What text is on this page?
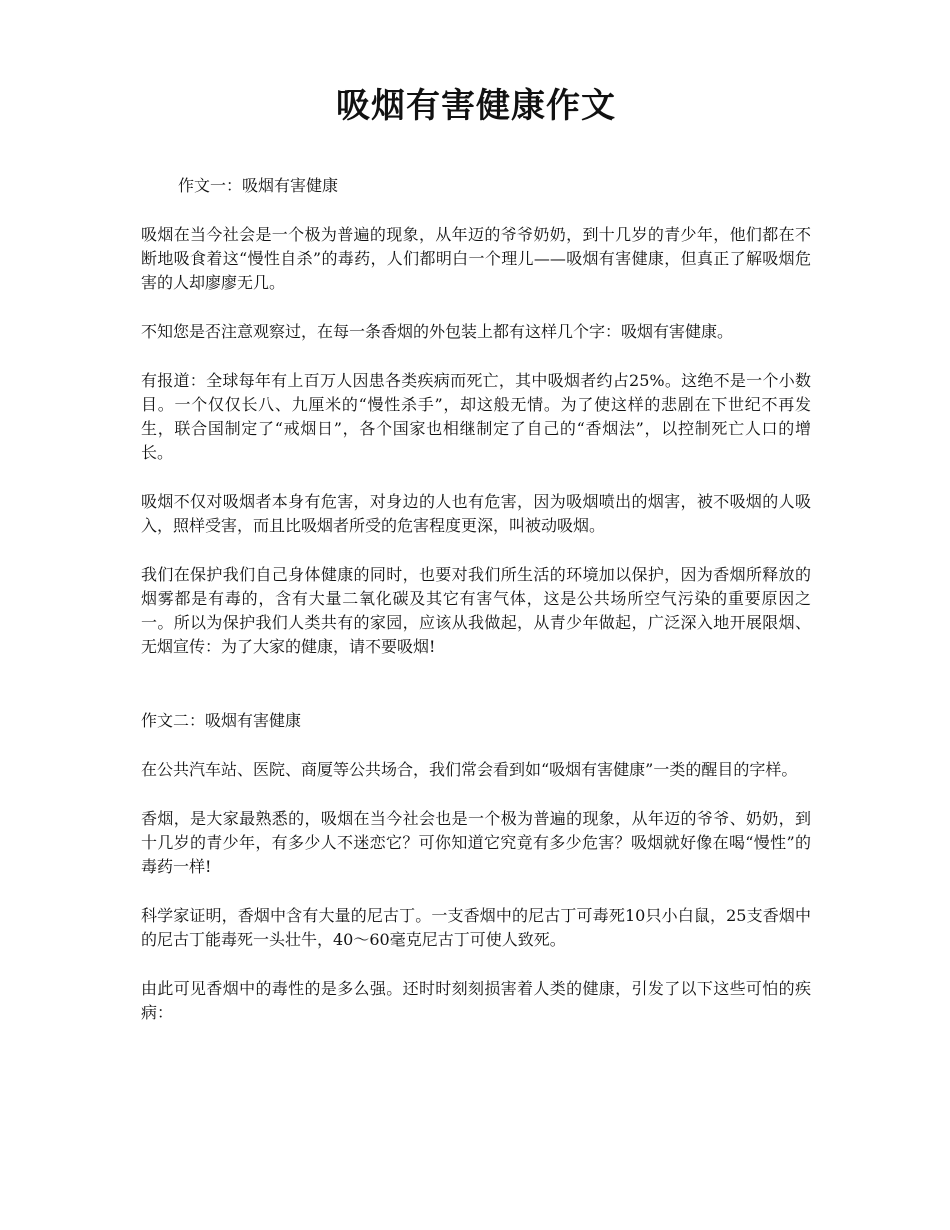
吸烟有害健康作文

作文一：吸烟有害健康

吸烟在当今社会是一个极为普遍的现象，从年迈的爷爷奶奶，到十几岁的青少年，他们都在不断地吸食着这“慢性自杀”的毒药，人们都明白一个理儿——吸烟有害健康，但真正了解吸烟危害的人却廖廖无几。

不知您是否注意观察过，在每一条香烟的外包装上都有这样几个字：吸烟有害健康。

有报道：全球每年有上百万人因患各类疾病而死亡，其中吸烟者约占25%。这绝不是一个小数目。一个仅仅长八、九厘米的“慢性杀手”，却这般无情。为了使这样的悲剧在下世纪不再发生，联合国制定了“戒烟日”，各个国家也相继制定了自己的“香烟法”，以控制死亡人口的增长。

吸烟不仅对吸烟者本身有危害，对身边的人也有危害，因为吸烟喷出的烟害，被不吸烟的人吸入，照样受害，而且比吸烟者所受的危害程度更深，叫被动吸烟。

我们在保护我们自己身体健康的同时，也要对我们所生活的环境加以保护，因为香烟所释放的烟雾都是有毒的，含有大量二氧化碳及其它有害气体，这是公共场所空气污染的重要原因之一。所以为保护我们人类共有的家园，应该从我做起，从青少年做起，广泛深入地开展限烟、无烟宣传：为了大家的健康，请不要吸烟!

作文二：吸烟有害健康

在公共汽车站、医院、商厦等公共场合，我们常会看到如“吸烟有害健康”一类的醒目的字样。

香烟，是大家最熟悉的，吸烟在当今社会也是一个极为普遍的现象，从年迈的爷爷、奶奶，到十几岁的青少年，有多少人不迷恋它？可你知道它究竟有多少危害？吸烟就好像在喝“慢性”的毒药一样!

科学家证明，香烟中含有大量的尼古丁。一支香烟中的尼古丁可毒死10只小白鼠，25支香烟中的尼古丁能毒死一头壮牛，40～60毫克尼古丁可使人致死。

由此可见香烟中的毒性的是多么强。还时时刻刻损害着人类的健康，引发了以下这些可怕的疾病：
